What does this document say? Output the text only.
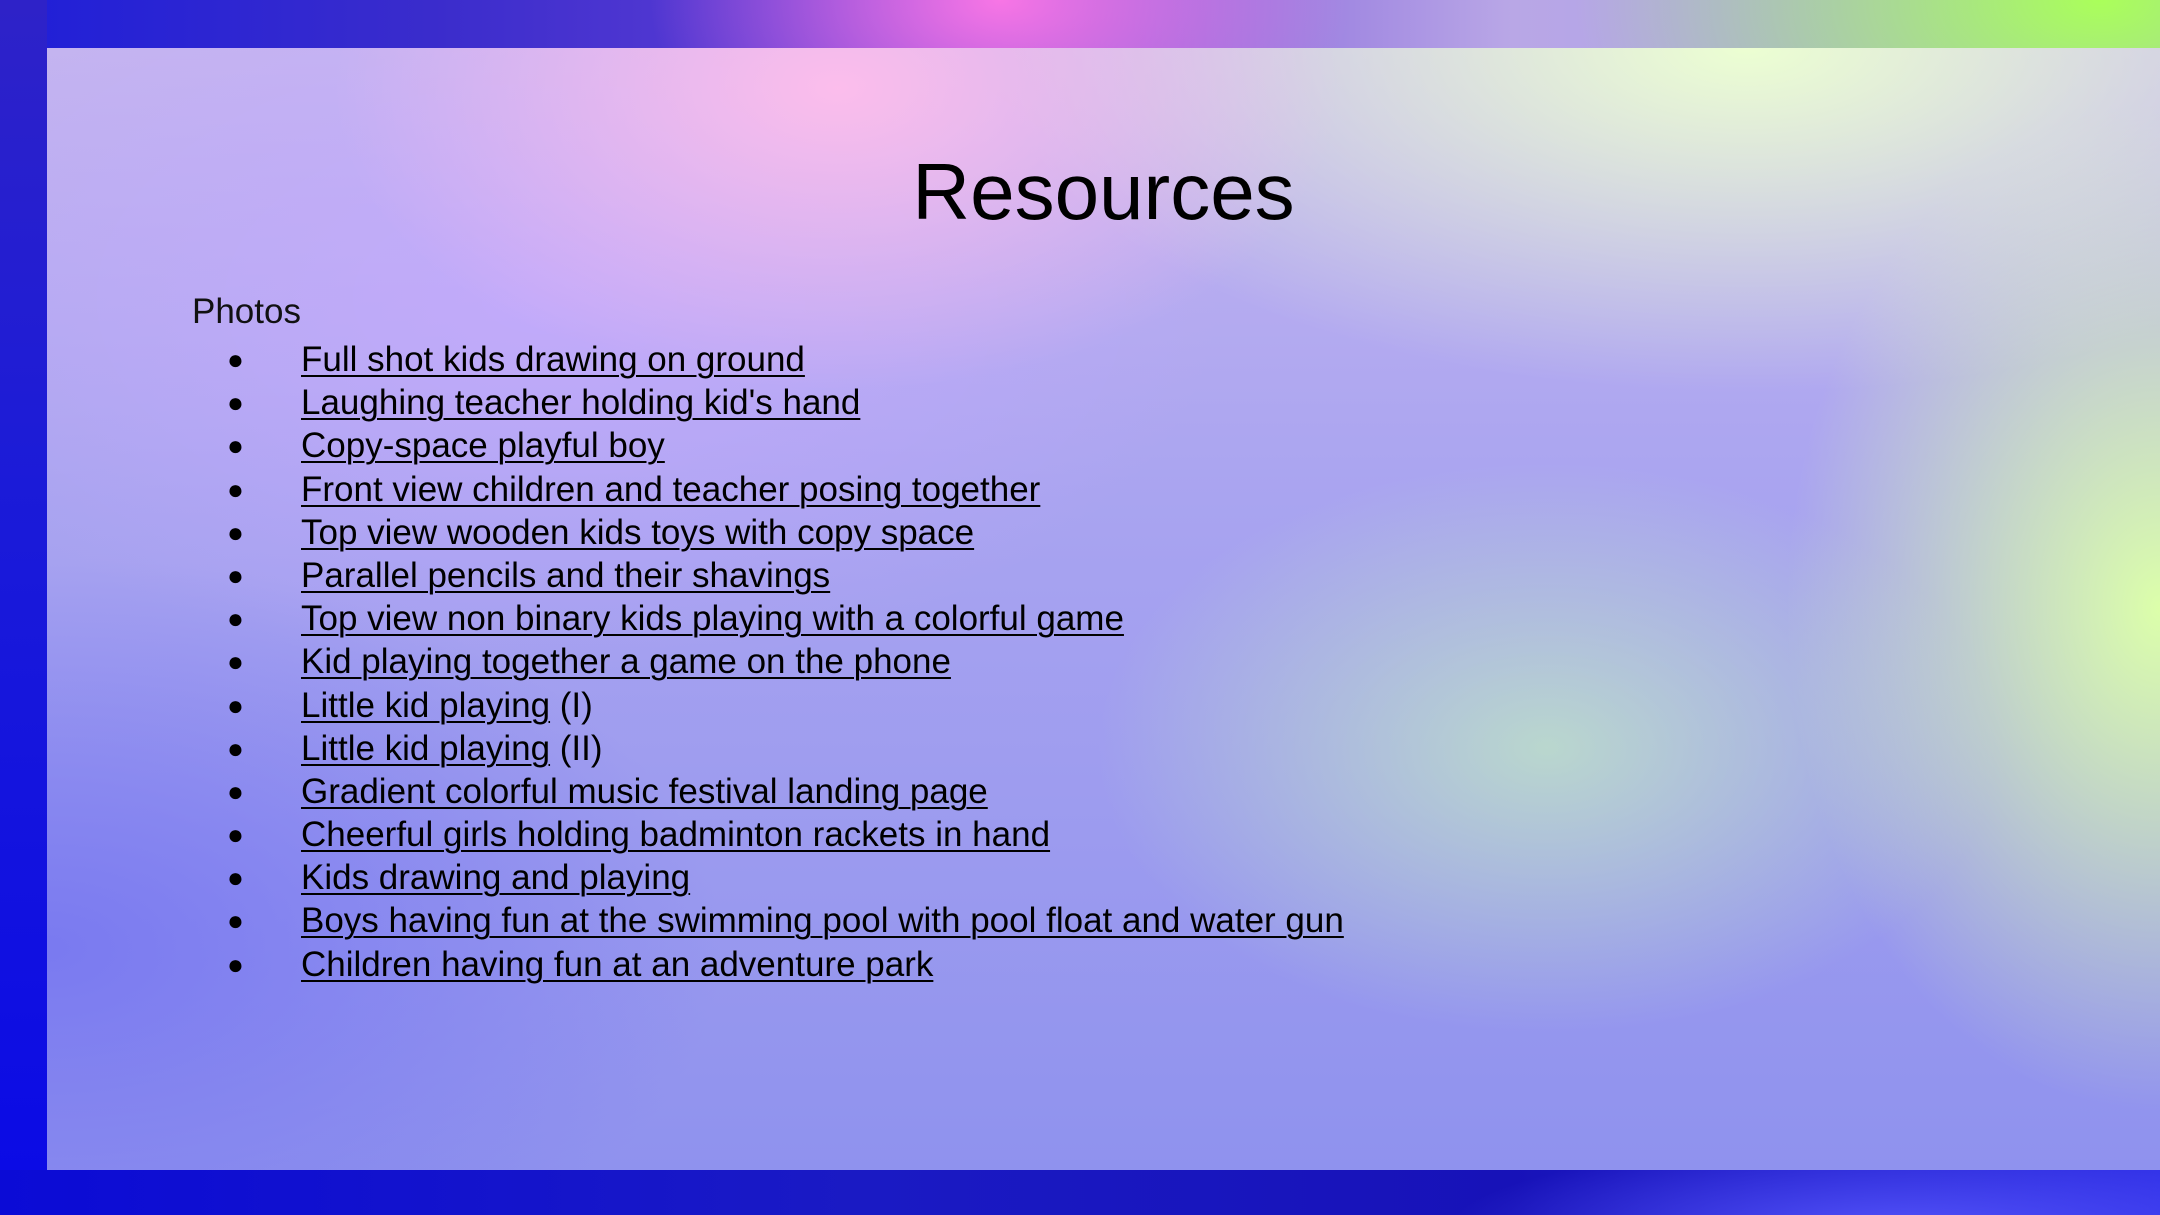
Resources
Photos
● Full shot kids drawing on ground
● Laughing teacher holding kid's hand
● Copy-space playful boy
● Front view children and teacher posing together
● Top view wooden kids toys with copy space
● Parallel pencils and their shavings
● Top view non binary kids playing with a colorful game
● Kid playing together a game on the phone
● Little kid playing (I)
● Little kid playing (II)
● Gradient colorful music festival landing page
● Cheerful girls holding badminton rackets in hand
● Kids drawing and playing
● Boys having fun at the swimming pool with pool float and water gun
● Children having fun at an adventure park
